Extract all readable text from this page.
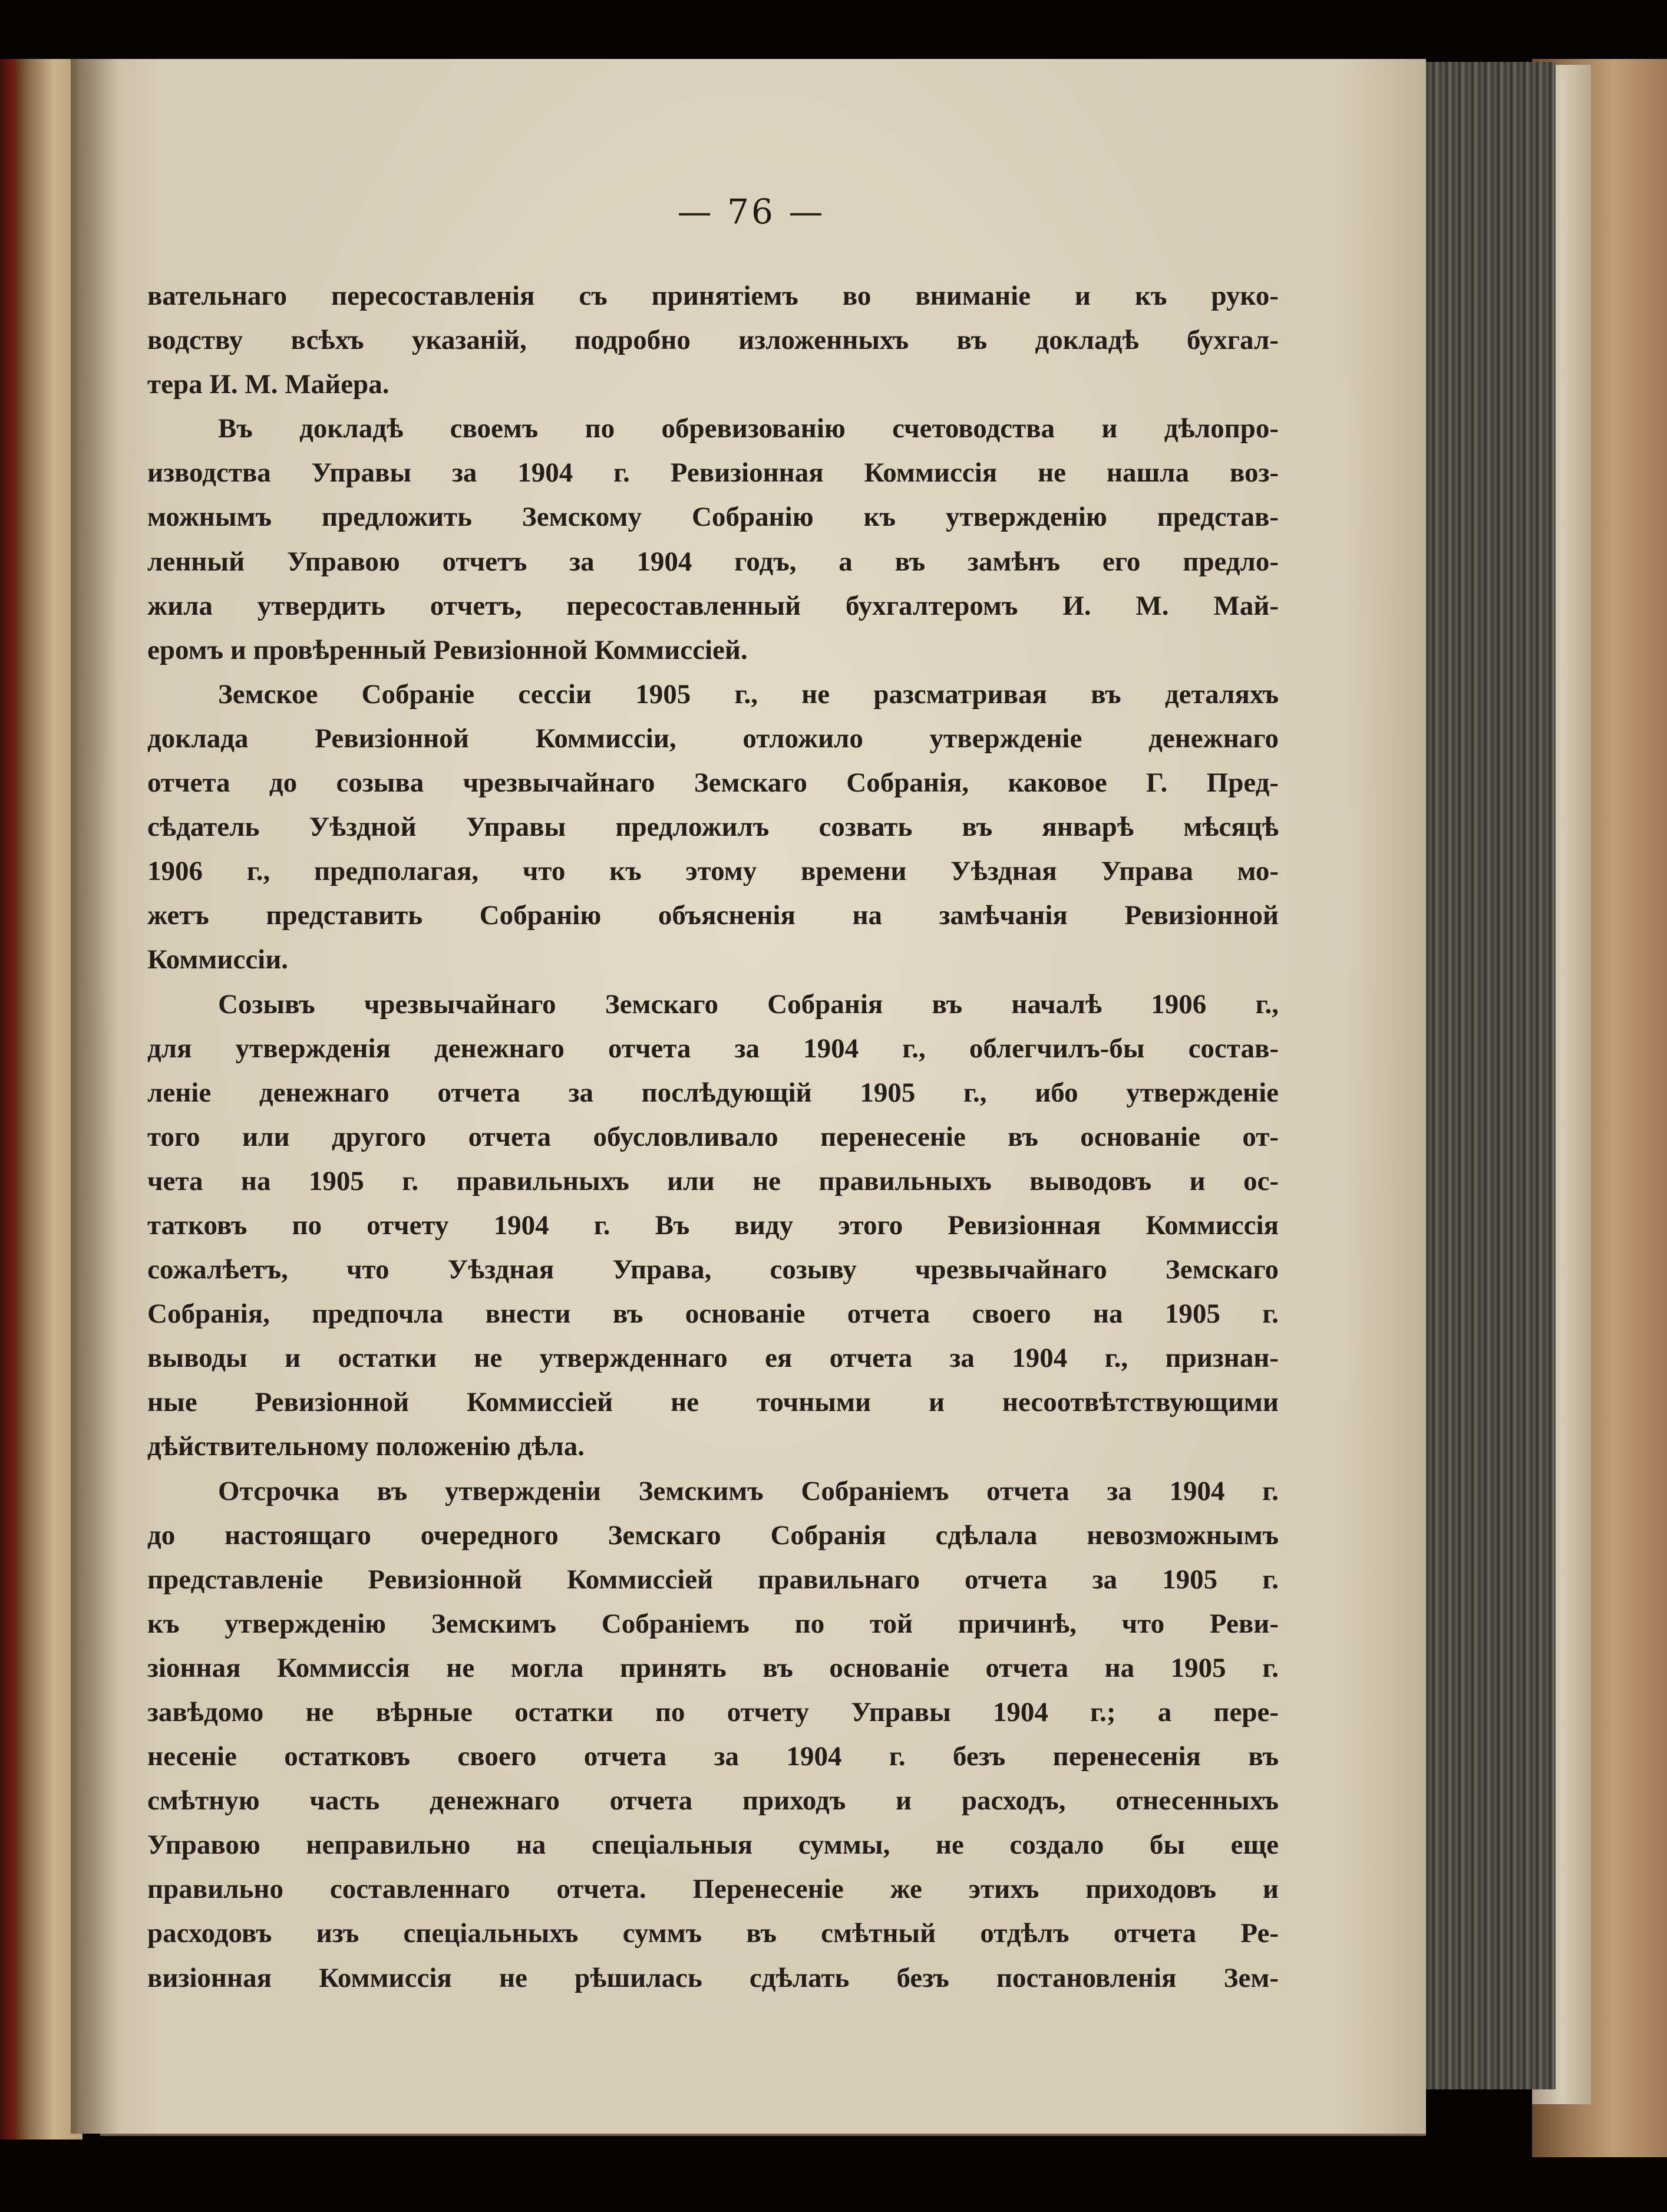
— 76 —
вательнаго пересоставленія съ принятіемъ во вниманіе и къ руко-
водству всѣхъ указаній, подробно изложенныхъ въ докладѣ бухгал-
тера И. М. Майера.
Въ докладѣ своемъ по обревизованію счетоводства и дѣлопро-
изводства Управы за 1904 г. Ревизіонная Коммиссія не нашла воз-
можнымъ предложить Земскому Собранію къ утвержденію представ-
ленный Управою отчетъ за 1904 годъ, а въ замѣнъ его предло-
жила утвердить отчетъ, пересоставленный бухгалтеромъ И. М. Май-
еромъ и провѣренный Ревизіонной Коммиссіей.
Земское Собраніе сессіи 1905 г., не разсматривая въ деталяхъ
доклада Ревизіонной Коммиссіи, отложило утвержденіе денежнаго
отчета до созыва чрезвычайнаго Земскаго Собранія, каковое Г. Пред-
сѣдатель Уѣздной Управы предложилъ созвать въ январѣ мѣсяцѣ
1906 г., предполагая, что къ этому времени Уѣздная Управа мо-
жетъ представить Собранію объясненія на замѣчанія Ревизіонной
Коммиссіи.
Созывъ чрезвычайнаго Земскаго Собранія въ началѣ 1906 г.,
для утвержденія денежнаго отчета за 1904 г., облегчилъ-бы состав-
леніе денежнаго отчета за послѣдующій 1905 г., ибо утвержденіе
того или другого отчета обусловливало перенесеніе въ основаніе от-
чета на 1905 г. правильныхъ или не правильныхъ выводовъ и ос-
татковъ по отчету 1904 г. Въ виду этого Ревизіонная Коммиссія
сожалѣетъ, что Уѣздная Управа, созыву чрезвычайнаго Земскаго
Собранія, предпочла внести въ основаніе отчета своего на 1905 г.
выводы и остатки не утвержденнаго ея отчета за 1904 г., признан-
ные Ревизіонной Коммиссіей не точными и несоотвѣтствующими
дѣйствительному положенію дѣла.
Отсрочка въ утвержденіи Земскимъ Собраніемъ отчета за 1904 г.
до настоящаго очередного Земскаго Собранія сдѣлала невозможнымъ
представленіе Ревизіонной Коммиссіей правильнаго отчета за 1905 г.
къ утвержденію Земскимъ Собраніемъ по той причинѣ, что Реви-
зіонная Коммиссія не могла принять въ основаніе отчета на 1905 г.
завѣдомо не вѣрные остатки по отчету Управы 1904 г.; а пере-
несеніе остатковъ своего отчета за 1904 г. безъ перенесенія въ
смѣтную часть денежнаго отчета приходъ и расходъ, отнесенныхъ
Управою неправильно на спеціальныя суммы, не создало бы еще
правильно составленнаго отчета. Перенесеніе же этихъ приходовъ и
расходовъ изъ спеціальныхъ суммъ въ смѣтный отдѣлъ отчета Ре-
визіонная Коммиссія не рѣшилась сдѣлать безъ постановленія Зем-
